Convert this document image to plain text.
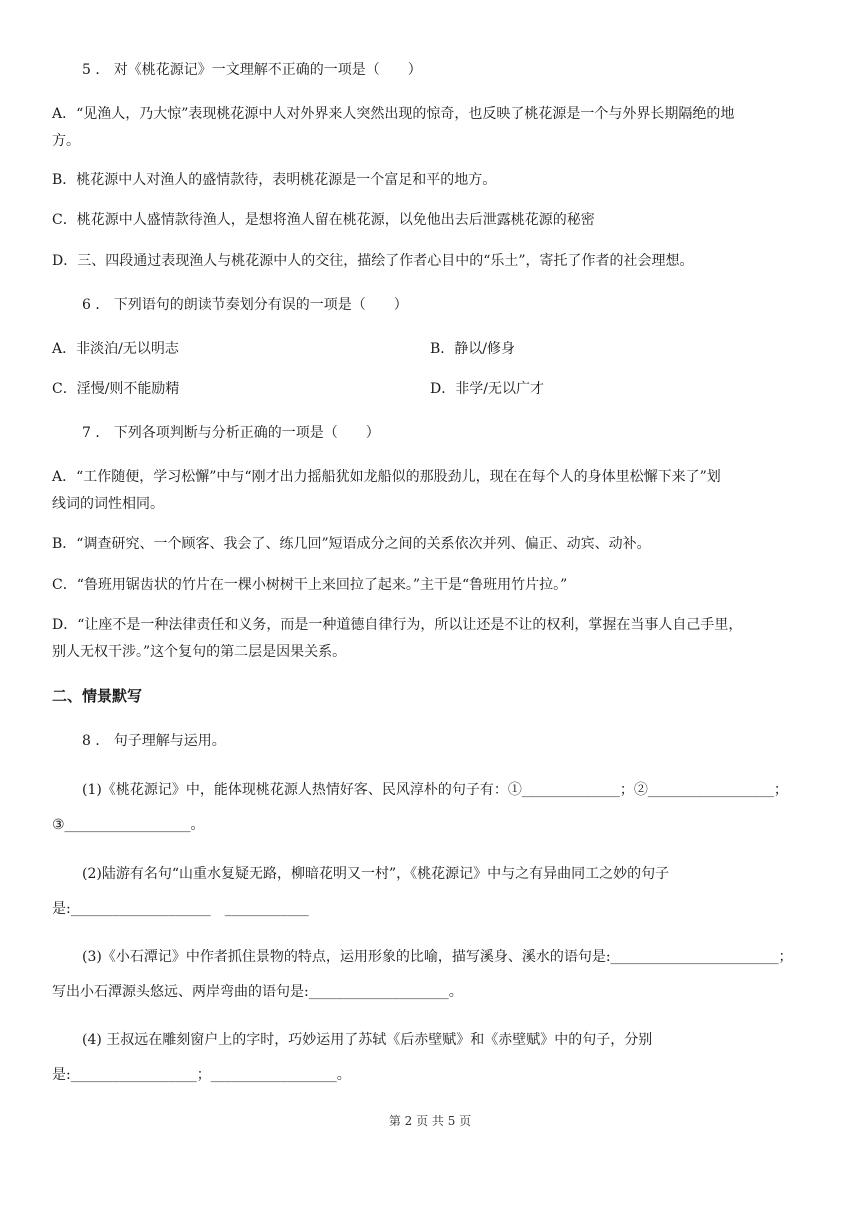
5 ． 对《桃花源记》一文理解不正确的一项是（　　）
A．“见渔人，乃大惊”表现桃花源中人对外界来人突然出现的惊奇，也反映了桃花源是一个与外界长期隔绝的地
方。
B．桃花源中人对渔人的盛情款待，表明桃花源是一个富足和平的地方。
C．桃花源中人盛情款待渔人，是想将渔人留在桃花源，以免他出去后泄露桃花源的秘密
D．三、四段通过表现渔人与桃花源中人的交往，描绘了作者心目中的“乐土”，寄托了作者的社会理想。
6 ． 下列语句的朗读节奏划分有误的一项是（　　）
A．非淡泊/无以明志	B．静以/修身
C．淫慢/则不能励精	D．非学/无以广才
7 ． 下列各项判断与分析正确的一项是（　　）
A．“工作随便，学习松懈”中与“刚才出力摇船犹如龙船似的那股劲儿，现在在每个人的身体里松懈下来了”划
线词的词性相同。
B．“调查研究、一个顾客、我会了、练几回”短语成分之间的关系依次并列、偏正、动宾、动补。
C．“鲁班用锯齿状的竹片在一棵小树树干上来回拉了起来。”主干是“鲁班用竹片拉。”
D．“让座不是一种法律责任和义务，而是一种道德自律行为，所以让还是不让的权利，掌握在当事人自己手里，
别人无权干涉。”这个复句的第二层是因果关系。
二、情景默写
8 ． 句子理解与运用。
(1)《桃花源记》中，能体现桃花源人热情好客、民风淳朴的句子有：①______________；②__________________；
③__________________。
(2)陆游有名句“山重水复疑无路，柳暗花明又一村”，《桃花源记》中与之有异曲同工之妙的句子
是:____________________　____________
(3)《小石潭记》中作者抓住景物的特点，运用形象的比喻，描写溪身、溪水的语句是:________________________；
写出小石潭源头悠远、两岸弯曲的语句是:____________________。
(4) 王叔远在雕刻窗户上的字时，巧妙运用了苏轼《后赤壁赋》和《赤壁赋》中的句子，分别
是:__________________；__________________。
第 2 页 共 5 页
